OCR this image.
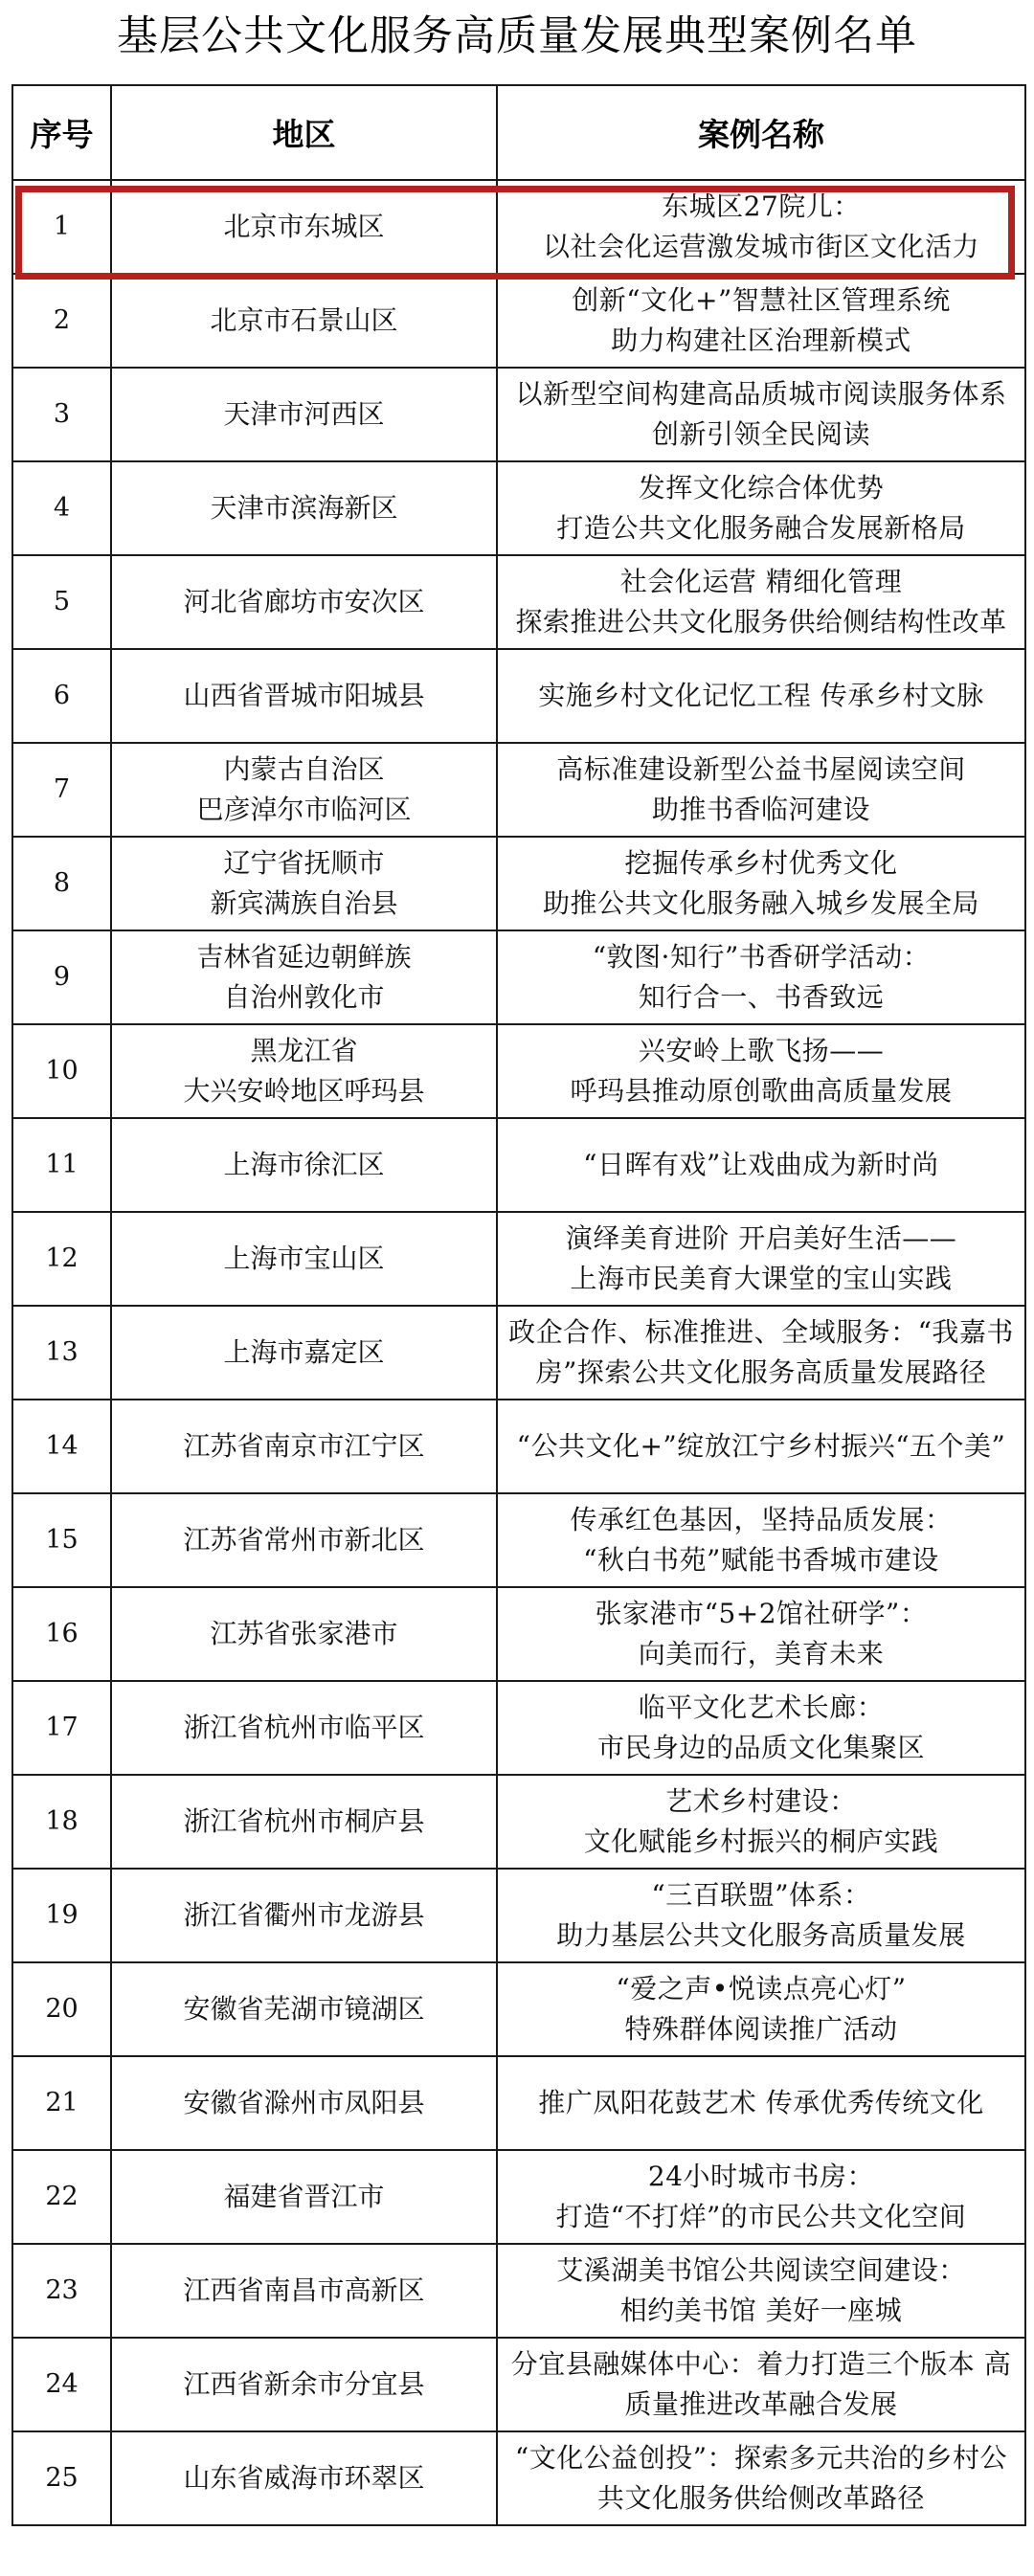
基层公共文化服务高质量发展典型案例名单
序号	地区	案例名称
1	北京市东城区	东城区27院儿：
以社会化运营激发城市街区文化活力
2	北京市石景山区	创新“文化+”智慧社区管理系统
助力构建社区治理新模式
3	天津市河西区	以新型空间构建高品质城市阅读服务体系
创新引领全民阅读
4	天津市滨海新区	发挥文化综合体优势
打造公共文化服务融合发展新格局
5	河北省廊坊市安次区	社会化运营 精细化管理
探索推进公共文化服务供给侧结构性改革
6	山西省晋城市阳城县	实施乡村文化记忆工程 传承乡村文脉
7	内蒙古自治区
巴彦淖尔市临河区	高标准建设新型公益书屋阅读空间
助推书香临河建设
8	辽宁省抚顺市
新宾满族自治县	挖掘传承乡村优秀文化
助推公共文化服务融入城乡发展全局
9	吉林省延边朝鲜族
自治州敦化市	“敦图·知行”书香研学活动：
知行合一、书香致远
10	黑龙江省
大兴安岭地区呼玛县	兴安岭上歌飞扬——
呼玛县推动原创歌曲高质量发展
11	上海市徐汇区	“日晖有戏”让戏曲成为新时尚
12	上海市宝山区	演绎美育进阶 开启美好生活——
上海市民美育大课堂的宝山实践
13	上海市嘉定区	政企合作、标准推进、全域服务：“我嘉书
房”探索公共文化服务高质量发展路径
14	江苏省南京市江宁区	“公共文化+”绽放江宁乡村振兴“五个美”
15	江苏省常州市新北区	传承红色基因，坚持品质发展：
“秋白书苑”赋能书香城市建设
16	江苏省张家港市	张家港市“5+2馆社研学”：
向美而行，美育未来
17	浙江省杭州市临平区	临平文化艺术长廊：
市民身边的品质文化集聚区
18	浙江省杭州市桐庐县	艺术乡村建设：
文化赋能乡村振兴的桐庐实践
19	浙江省衢州市龙游县	“三百联盟”体系：
助力基层公共文化服务高质量发展
20	安徽省芜湖市镜湖区	“爱之声•悦读点亮心灯”
特殊群体阅读推广活动
21	安徽省滁州市凤阳县	推广凤阳花鼓艺术 传承优秀传统文化
22	福建省晋江市	24小时城市书房：
打造“不打烊”的市民公共文化空间
23	江西省南昌市高新区	艾溪湖美书馆公共阅读空间建设：
相约美书馆 美好一座城
24	江西省新余市分宜县	分宜县融媒体中心：着力打造三个版本 高
质量推进改革融合发展
25	山东省威海市环翠区	“文化公益创投”：探索多元共治的乡村公
共文化服务供给侧改革路径
